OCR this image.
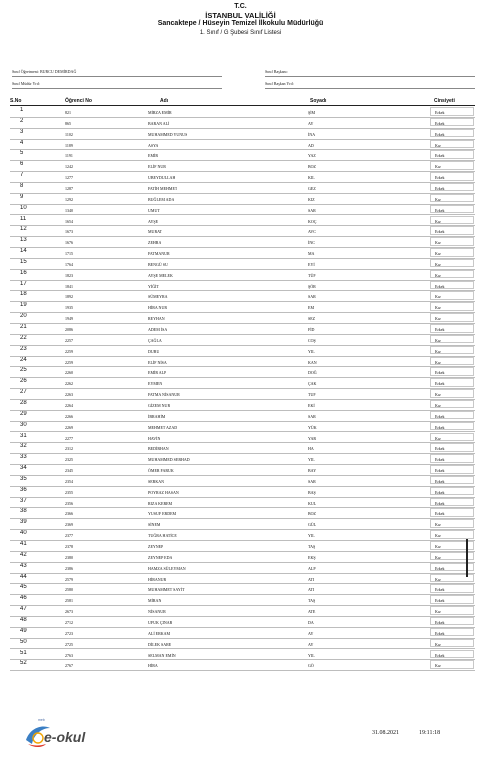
T.C.
İSTANBUL VALİLİĞİ
Sancaktepe / Hüseyin Temizel İlkokulu Müdürlüğü
1. Sınıf / G Şubesi Sınıf Listesi
Sınıf Öğretmeni: BURCU DEMİRDAĞ
Sınıf Müdür Yrd:
Sınıf Başkanı:
Sınıf Başkan Yrd:
S.No	Öğrenci No	Adı	Soyadı	Cinsiyeti
1	821	MİRZA EMİR	ŞİM	Erkek
2	865	BARAN ALİ	AY	Erkek
3	1102	MUHAMMED YUNUS	İNA	Erkek
4	1189	ASYA	AD	Kız
5	1191	EMİR	YAZ	Erkek
6	1242	ELİF NUR	BOZ	Kız
7	1277	UBEYDULLAH	KIL	Erkek
8	1287	FATİH MEHMET	GEZ	Erkek
9	1292	BUĞLEM ADA	KIZ	Kız
10	1340	UMUT	SAR	Erkek
11	1654	AYŞE	KOÇ	Kız
12	1673	MURAT	AVC	Erkek
13	1676	ZEHRA	İNC	Kız
14	1715	FATMANUR	MA	Kız
15	1764	BENGÜ SU	EYİ	Kız
16	1823	AYŞE MELEK	TÜF	Kız
17	1841	YİĞİT	ŞÖR	Erkek
18	1892	SÜMEYRA	SAR	Kız
19	1935	HİRA NUR	EM	Kız
20	1949	REYHAN	SEZ	Kız
21	2086	ADEM İSA	FİD	Erkek
22	2257	ÇAĞLA	COŞ	Kız
23	2259	DURU	YIL	Kız
24	2259	ELİF NİSA	KAN	Kız
25	2260	EMİR ALP	DOĞ	Erkek
26	2262	EYMEN	ÇAK	Erkek
27	2263	FATMA NİSANUR	TUF	Kız
28	2264	GİZEM NUR	EKİ	Kız
29	2266	İBRAHİM	SAR	Erkek
30	2269	MEHMET AZAD	YÜK	Erkek
31	2277	HAVİN	YAR	Kız
32	2312	BEDİRHAN	HA	Erkek
33	2325	MUHAMMED SERHAD	YIL	Erkek
34	2345	ÖMER FARUK	BAY	Erkek
35	2354	SERKAN	SAR	Erkek
36	2355	POYRAZ HASAN	BAŞ	Erkek
37	2356	RIZA KEREM	KUL	Erkek
38	2366	YUSUF ERDEM	BOZ	Erkek
39	2369	SİNEM	GÜL	Kız
40	2377	TUĞRA HATİCE	YIL	Kız
41	2378	ZEYNEP	TAŞ	Kız
42	2380	ZEYNEP EDA	EKŞ	Kız
43	2386	HAMZA SÜLEYMAN	ALP	Erkek
44	2579	HİRANUR	ATI	Kız
45	2580	MUHAMMET SAYİT	ATI	Erkek
46	2581	MİRAN	TAŞ	Erkek
47	2673	NİSANUR	ATE	Kız
48	2712	UFUK ÇINAR	DA	Erkek
49	2723	ALİ ERKAM	AY	Erkek
50	2725	DİLEK SARE	AY	Kız
51	2763	SELMAN EMİN	YIL	Erkek
52	2767	HİRA	GÖ	Kız
meb
e-okul	31.08.2021	19:11:18
